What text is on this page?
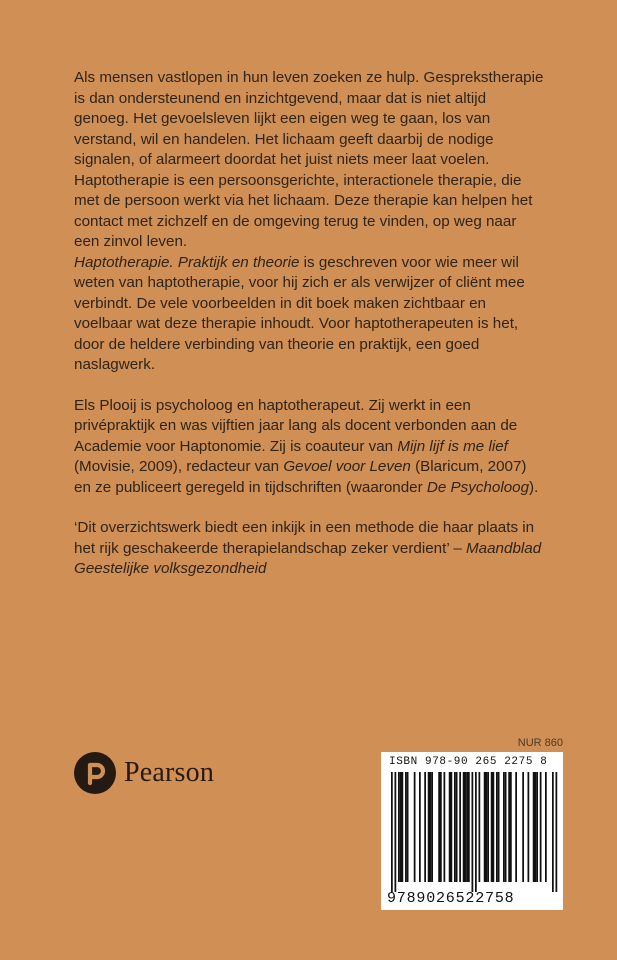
Als mensen vastlopen in hun leven zoeken ze hulp. Gesprekstherapie is dan ondersteunend en inzichtgevend, maar dat is niet altijd genoeg. Het gevoelsleven lijkt een eigen weg te gaan, los van verstand, wil en handelen. Het lichaam geeft daarbij de nodige signalen, of alarmeert doordat het juist niets meer laat voelen. Haptotherapie is een persoonsgerichte, interactionele therapie, die met de persoon werkt via het lichaam. Deze therapie kan helpen het contact met zichzelf en de omgeving terug te vinden, op weg naar een zinvol leven.

Haptotherapie. Praktijk en theorie is geschreven voor wie meer wil weten van haptotherapie, voor hij zich er als verwijzer of cliënt mee verbindt. De vele voorbeelden in dit boek maken zichtbaar en voelbaar wat deze therapie inhoudt. Voor haptotherapeuten is het, door de heldere verbinding van theorie en praktijk, een goed naslagwerk.

Els Plooij is psycholoog en haptotherapeut. Zij werkt in een privépraktijk en was vijftien jaar lang als docent verbonden aan de Academie voor Haptonomie. Zij is coauteur van Mijn lijf is me lief (Movisie, 2009), redacteur van Gevoel voor Leven (Blaricum, 2007) en ze publiceert geregeld in tijdschriften (waaronder De Psycholoog).

‘Dit overzichtswerk biedt een inkijk in een methode die haar plaats in het rijk geschakeerde therapielandschap zeker verdient’ – Maandblad Geestelijke volksgezondheid

NUR 860
Pearson	ISBN 978-90 265 2275 8
9789026522758
